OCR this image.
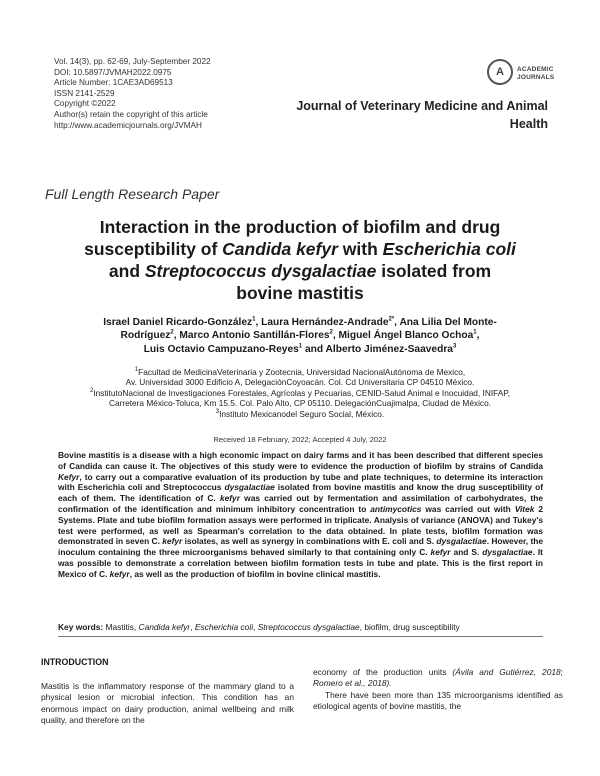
Vol. 14(3), pp. 62-69, July-September 2022
DOI: 10.5897/JVMAH2022.0975
Article Number: 1CAE3AD69513
ISSN 2141-2529
Copyright ©2022
Author(s) retain the copyright of this article
http://www.academicjournals.org/JVMAH
A	ACADEMIC
JOURNALS
Journal of Veterinary Medicine and Animal
Health
Full Length Research Paper
Interaction in the production of biofilm and drug
susceptibility of Candida kefyr with Escherichia coli
and Streptococcus dysgalactiae isolated from
bovine mastitis
Israel Daniel Ricardo-González$^1$, Laura Hernández-Andrade$^{2*}$, Ana Lilia Del Monte-
Rodríguez$^2$, Marco Antonio Santillán-Flores$^2$, Miguel Ángel Blanco Ochoa$^1$,
Luis Octavio Campuzano-Reyes$^1$ and Alberto Jiménez-Saavedra$^3$
$^1$Facultad de MedicinaVeterinaria y Zootecnia, Universidad NacionalAutónoma de Mexico,
Av. Universidad 3000 Edificio A, DelegaciónCoyoacán. Col. Cd Universitaria CP 04510 México.
$^2$InstitutoNacional de Investigaciones Forestales, Agrícolas y Pecuarias, CENID-Salud Animal e Inocuidad, INIFAP,
Carretera México-Toluca, Km 15.5. Col. Palo Alto, CP 05110. DelegaciónCuajimalpa, Ciudad de México.
$^3$Instituto Mexicanodel Seguro Social, México.
Received 18 February, 2022; Accepted 4 July, 2022
Bovine mastitis is a disease with a high economic impact on dairy farms and it has been described that different species of Candida can cause it. The objectives of this study were to evidence the production of biofilm by strains of Candida Kefyr, to carry out a comparative evaluation of its production by tube and plate techniques, to determine its interaction with Escherichia coli and Streptococcus dysgalactiae isolated from bovine mastitis and know the drug susceptibility of each of them. The identification of C. kefyr was carried out by fermentation and assimilation of carbohydrates, the confirmation of the identification and minimum inhibitory concentration to antimycotics was carried out with Vitek 2 Systems. Plate and tube biofilm formation assays were performed in triplicate. Analysis of variance (ANOVA) and Tukey's test were performed, as well as Spearman's correlation to the data obtained. In plate tests, biofilm formation was demonstrated in seven C. kefyr isolates, as well as synergy in combinations with E. coli and S. dysgalactiae. However, the inoculum containing the three microorganisms behaved similarly to that containing only C. kefyr and S. dysgalactiae. It was possible to demonstrate a correlation between biofilm formation tests in tube and plate. This is the first report in Mexico of C. kefyr, as well as the production of biofilm in bovine clinical mastitis.
Key words: Mastitis, Candida kefyr, Escherichia coli, Streptococcus dysgalactiae, biofilm, drug susceptibility
INTRODUCTION
Mastitis is the inflammatory response of the mammary gland to a physical lesion or microbial infection. This condition has an enormous impact on dairy production, animal wellbeing and milk quality, and therefore on the
economy of the production units (Ávila and Gutiérrez, 2018; Romero et al., 2018).
There have been more than 135 microorganisms identified as etiological agents of bovine mastitis, the
